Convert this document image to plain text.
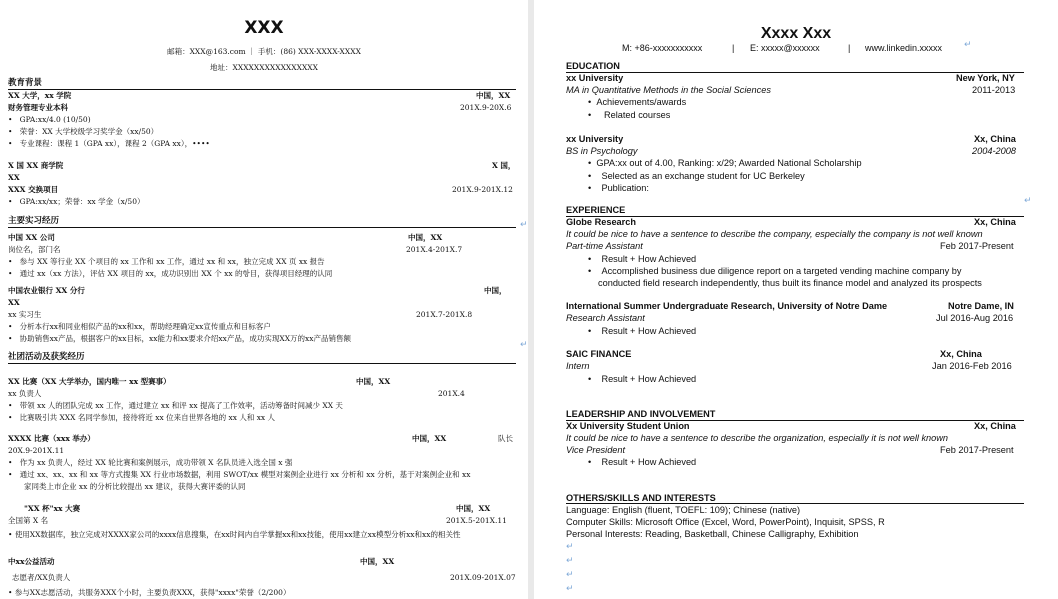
XXX
邮箱：XXX@163.com ｜ 手机：(86) XXX-XXXX-XXXX
地址：XXXXXXXXXXXXXXXX
教育背景
XX 大学，xx 学院	中国，XX
财务管理专业本科	201X.9-20X.6
•   GPA:xx/4.0 (10/50)
•   荣誉：XX 大学校级学习奖学金（xx/50）
•   专业课程：课程 1（GPA xx），课程 2（GPA xx），••••
X 国 XX 商学院	X 国，
XX
XXX 交换项目	201X.9-201X.12
•   GPA:xx/xx；荣誉：xx 学金（x/50）
主要实习经历
中国 XX 公司	中国，XX
岗位名，部门名	201X.4-201X.7
•   参与 XX 等行业 XX 个项目的 xx 工作和 xx 工作，通过 xx 和 xx，独立完成 XX 页 xx 报告
•   通过 xx（xx 方法），评估 XX 项目的 xx，成功识别出 XX 个 xx 的항目，获得项目经理的认同
中国农业银行 XX 分行	中国，
XX
xx 实习生	201X.7-201X.8
•   分析本行xx和同业相似产品的xx和xx，帮助经理确定xx宣传重点和目标客户
•   协助销售xx产品，根据客户的xx目标，xx能力和xx要求介绍xx产品，成功实现XX万的xx产品销售额
社团活动及获奖经历
XX 比赛（XX 大学举办，国内唯一 xx 型赛事）	中国，XX
xx 负责人	201X.4
•   带领 xx 人的团队完成 xx 工作，通过建立 xx 和评 xx 提高了工作效率，活动筹备时间减少 XX 天
•   比赛吸引共 XXX 名同学参加，接待将近 xx 位来自世界各地的 xx 人和 xx 人
XXXX 比赛（xxx 举办）	中国，XX	队长
20X.9-201X.11
•   作为 xx 负责人，经过 XX 轮比赛和案例展示，成功带领 X 名队员进入选全国 x 强
•   通过 xx、xx、xx 和 xx 等方式搜集 XX 行业市场数据，利用 SWOT/xx 模型对案例企业进行 xx 分析和 xx 分析，基于对案例企业和 xx
家同类上市企业 xx 的分析比较提出 xx 建议，获得大赛评委的认同
"XX 杯"xx 大赛	中国，XX
全国第 X 名	201X.5-201X.11
• 使用XX数据库，独立完成对XXXX家公司的xxxx信息搜集，在xx时间内自学掌握xx和xx技能，使用xx建立xx模型分析xx和xx的相关性
中xx公益活动	中国，XX
志愿者/XX负责人	201X.09-201X.07
• 参与XX志愿活动，共服务XXX个小时，主要负责XXX，获得"xxxx"荣誉（2/200）
↵
↵
Xxxx Xxx
M: +86-xxxxxxxxxxx	| E: xxxxx@xxxxxx	| www.linkedin.xxxxx
EDUCATION
xx University	New York, NY
MA in Quantitative Methods in the Social Sciences	2011-2013
•  Achievements/awards
•     Related courses
xx University	Xx, China
BS in Psychology	2004-2008
•  GPA:xx out of 4.00, Ranking: x/29; Awarded National Scholarship
•    Selected as an exchange student for UC Berkeley
•    Publication:
EXPERIENCE
Globe Research	Xx, China
It could be nice to have a sentence to describe the company, especially the company is not well known
Part-time Assistant	Feb 2017-Present
•    Result + How Achieved
•    Accomplished business due diligence report on a targeted vending machine company by
conducted field research independently, thus built its finance model and analyzed its prospects
International Summer Undergraduate Research, University of Notre Dame	Notre Dame, IN
Research Assistant	Jul 2016-Aug 2016
•    Result + How Achieved
SAIC FINANCE	Xx, China
Intern	Jan 2016-Feb 2016
•    Result + How Achieved
LEADERSHIP AND INVOLVEMENT
Xx University Student Union	Xx, China
It could be nice to have a sentence to describe the organization, especially it is not well known
Vice President	Feb 2017-Present
•    Result + How Achieved
OTHERS/SKILLS AND INTERESTS
Language: English (fluent, TOEFL: 109); Chinese (native)
Computer Skills: Microsoft Office (Excel, Word, PowerPoint), Inquisit, SPSS, R
Personal Interests: Reading, Basketball, Chinese Calligraphy, Exhibition
↵
↵
↵
↵
↵
↵
